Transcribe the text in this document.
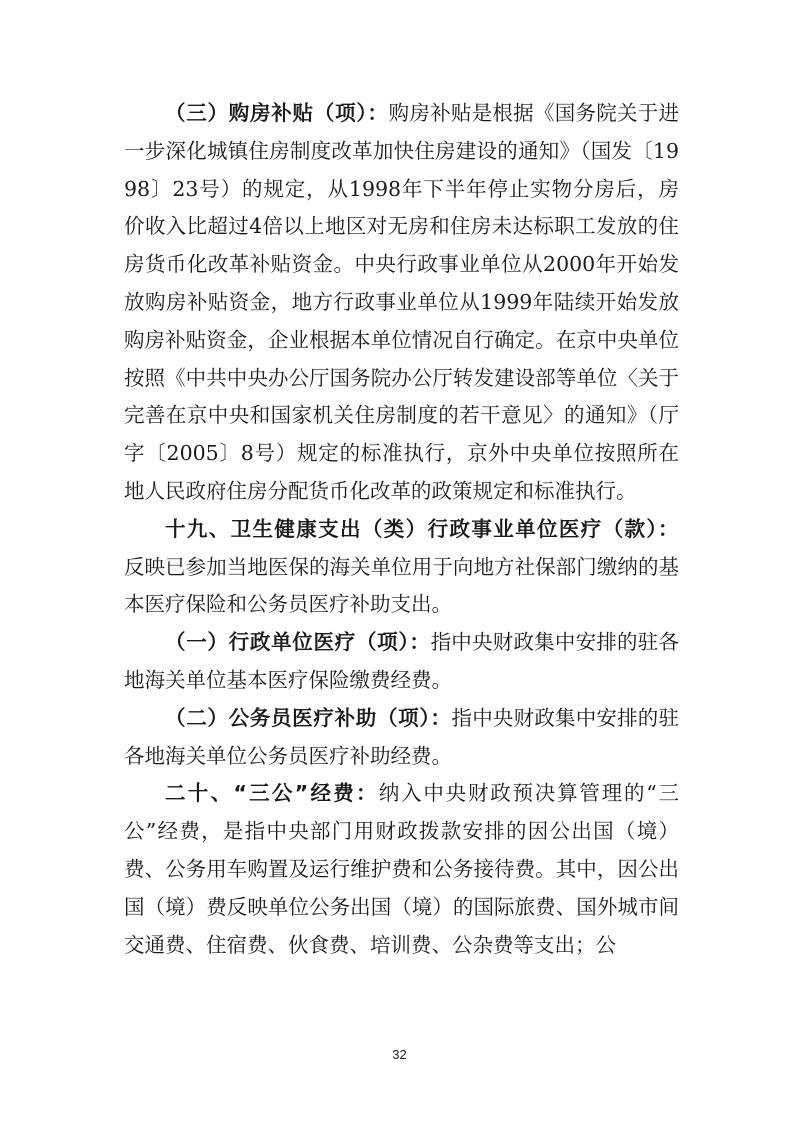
（三）购房补贴（项）：购房补贴是根据《国务院关于进一步深化城镇住房制度改革加快住房建设的通知》（国发〔1998〕23号）的规定，从1998年下半年停止实物分房后，房价收入比超过4倍以上地区对无房和住房未达标职工发放的住房货币化改革补贴资金。中央行政事业单位从2000年开始发放购房补贴资金，地方行政事业单位从1999年陆续开始发放购房补贴资金，企业根据本单位情况自行确定。在京中央单位按照《中共中央办公厅国务院办公厅转发建设部等单位〈关于完善在京中央和国家机关住房制度的若干意见〉的通知》（厅字〔2005〕8号）规定的标准执行，京外中央单位按照所在地人民政府住房分配货币化改革的政策规定和标准执行。

十九、卫生健康支出（类）行政事业单位医疗（款）：反映已参加当地医保的海关单位用于向地方社保部门缴纳的基本医疗保险和公务员医疗补助支出。

（一）行政单位医疗（项）：指中央财政集中安排的驻各地海关单位基本医疗保险缴费经费。

（二）公务员医疗补助（项）：指中央财政集中安排的驻各地海关单位公务员医疗补助经费。

二十、“三公”经费：纳入中央财政预决算管理的“三公”经费，是指中央部门用财政拨款安排的因公出国（境）费、公务用车购置及运行维护费和公务接待费。其中，因公出国（境）费反映单位公务出国（境）的国际旅费、国外城市间交通费、住宿费、伙食费、培训费、公杂费等支出；公

32
